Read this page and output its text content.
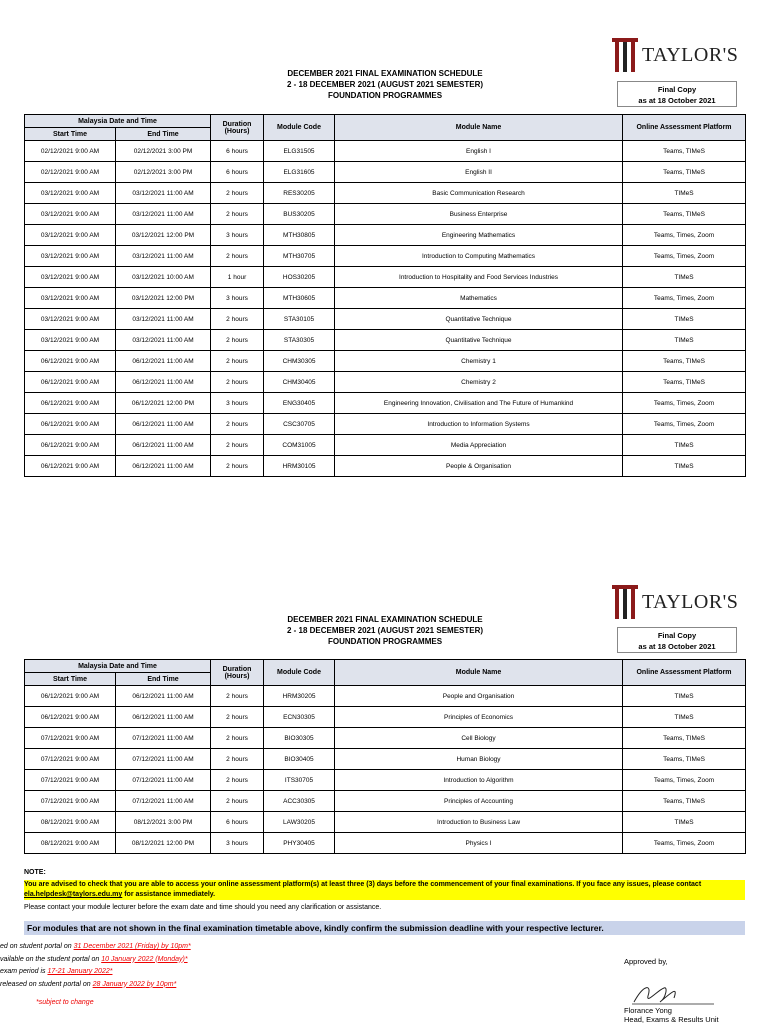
TAYLOR'S
DECEMBER 2021 FINAL EXAMINATION SCHEDULE
2 - 18 DECEMBER 2021 (AUGUST 2021 SEMESTER)
FOUNDATION PROGRAMMES
Final Copy
as at 18 October 2021
Malaysia Date and Time		Duration (Hours)	Module Code	Module Name	Online Assessment Platform
Start Time	End Time				
02/12/2021 9:00 AM	02/12/2021 3:00 PM	6 hours	ELG31505	English I	Teams, TIMeS
02/12/2021 9:00 AM	02/12/2021 3:00 PM	6 hours	ELG31605	English II	Teams, TIMeS
03/12/2021 9:00 AM	03/12/2021 11:00 AM	2 hours	RES30205	Basic Communication Research	TIMeS
03/12/2021 9:00 AM	03/12/2021 11:00 AM	2 hours	BUS30205	Business Enterprise	Teams, TIMeS
03/12/2021 9:00 AM	03/12/2021 12:00 PM	3 hours	MTH30805	Engineering Mathematics	Teams, Times, Zoom
03/12/2021 9:00 AM	03/12/2021 11:00 AM	2 hours	MTH30705	Introduction to Computing Mathematics	Teams, Times, Zoom
03/12/2021 9:00 AM	03/12/2021 10:00 AM	1 hour	HOS30205	Introduction to Hospitality and Food Services Industries	TIMeS
03/12/2021 9:00 AM	03/12/2021 12:00 PM	3 hours	MTH30605	Mathematics	Teams, Times, Zoom
03/12/2021 9:00 AM	03/12/2021 11:00 AM	2 hours	STA30105	Quantitative Technique	TIMeS
03/12/2021 9:00 AM	03/12/2021 11:00 AM	2 hours	STA30305	Quantitative Technique	TIMeS
06/12/2021 9:00 AM	06/12/2021 11:00 AM	2 hours	CHM30305	Chemistry 1	Teams, TIMeS
06/12/2021 9:00 AM	06/12/2021 11:00 AM	2 hours	CHM30405	Chemistry 2	Teams, TIMeS
06/12/2021 9:00 AM	06/12/2021 12:00 PM	3 hours	ENG30405	Engineering Innovation, Civilisation and The Future of Humankind	Teams, Times, Zoom
06/12/2021 9:00 AM	06/12/2021 11:00 AM	2 hours	CSC30705	Introduction to Information Systems	Teams, Times, Zoom
06/12/2021 9:00 AM	06/12/2021 11:00 AM	2 hours	COM31005	Media Appreciation	TIMeS
06/12/2021 9:00 AM	06/12/2021 11:00 AM	2 hours	HRM30105	People & Organisation	TIMeS
TAYLOR'S
DECEMBER 2021 FINAL EXAMINATION SCHEDULE
2 - 18 DECEMBER 2021 (AUGUST 2021 SEMESTER)
FOUNDATION PROGRAMMES
Final Copy
as at 18 October 2021
Malaysia Date and Time		Duration (Hours)	Module Code	Module Name	Online Assessment Platform
Start Time	End Time				
06/12/2021 9:00 AM	06/12/2021 11:00 AM	2 hours	HRM30205	People and Organisation	TIMeS
06/12/2021 9:00 AM	06/12/2021 11:00 AM	2 hours	ECN30305	Principles of Economics	TIMeS
07/12/2021 9:00 AM	07/12/2021 11:00 AM	2 hours	BIO30305	Cell Biology	Teams, TIMeS
07/12/2021 9:00 AM	07/12/2021 11:00 AM	2 hours	BIO30405	Human Biology	Teams, TIMeS
07/12/2021 9:00 AM	07/12/2021 11:00 AM	2 hours	ITS30705	Introduction to Algorithm	Teams, Times, Zoom
07/12/2021 9:00 AM	07/12/2021 11:00 AM	2 hours	ACC30305	Principles of Accounting	Teams, TIMeS
08/12/2021 9:00 AM	08/12/2021 3:00 PM	6 hours	LAW30205	Introduction to Business Law	TIMeS
08/12/2021 9:00 AM	08/12/2021 12:00 PM	3 hours	PHY30405	Physics I	Teams, Times, Zoom
NOTE:
You are advised to check that you are able to access your online assessment platform(s) at least three (3) days before the commencement of your final examinations. If you face any issues, please contact ela.helpdesk@taylors.edu.my for assistance immediately.
Please contact your module lecturer before the exam date and time should you need any clarification or assistance.
For modules that are not shown in the final examination timetable above, kindly confirm the submission deadline with your respective lecturer.
ed on student portal on 31 December 2021 (Friday) by 10pm*
vailable on the student portal on 10 January 2022 (Monday)*
exam period is 17-21 January 2022*
released on student portal on 28 January 2022 by 10pm*
*subject to change
Approved by,
Florance Yong
Head, Exams & Results Unit
